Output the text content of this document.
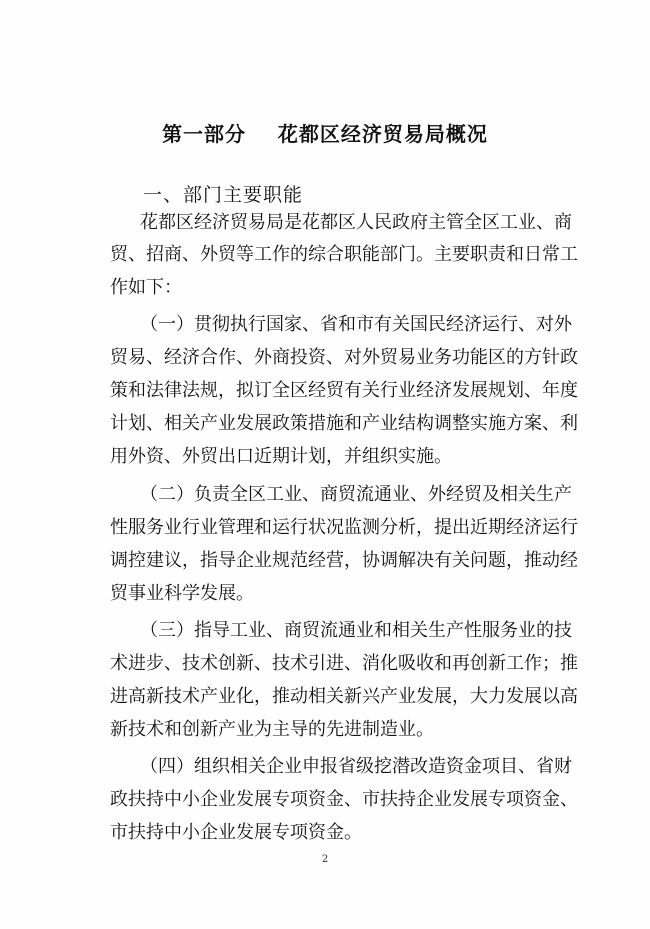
第一部分    花都区经济贸易局概况
一、部门主要职能
花都区经济贸易局是花都区人民政府主管全区工业、商
贸、招商、外贸等工作的综合职能部门。主要职责和日常工
作如下：
（一）贯彻执行国家、省和市有关国民经济运行、对外
贸易、经济合作、外商投资、对外贸易业务功能区的方针政
策和法律法规，拟订全区经贸有关行业经济发展规划、年度
计划、相关产业发展政策措施和产业结构调整实施方案、利
用外资、外贸出口近期计划，并组织实施。
（二）负责全区工业、商贸流通业、外经贸及相关生产
性服务业行业管理和运行状况监测分析，提出近期经济运行
调控建议，指导企业规范经营，协调解决有关问题，推动经
贸事业科学发展。
（三）指导工业、商贸流通业和相关生产性服务业的技
术进步、技术创新、技术引进、消化吸收和再创新工作；推
进高新技术产业化，推动相关新兴产业发展，大力发展以高
新技术和创新产业为主导的先进制造业。
（四）组织相关企业申报省级挖潜改造资金项目、省财
政扶持中小企业发展专项资金、市扶持企业发展专项资金、
市扶持中小企业发展专项资金。
2
